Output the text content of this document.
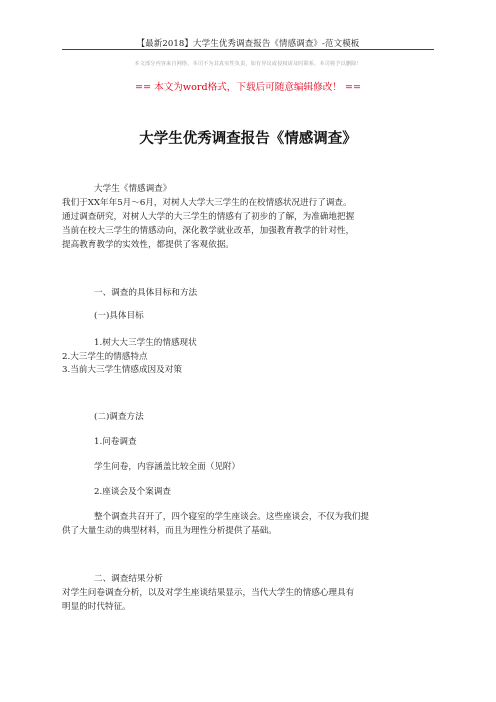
【最新2018】大学生优秀调查报告《情感调查》-范文模板
本文部分内容来自网络，本司不为其真实性负责，如有异议或侵权请及时联系，本司将予以删除！
== 本文为word格式，下载后可随意编辑修改！ ==
大学生优秀调查报告《情感调查》
大学生《情感调查》
我们于XX年年5月～6月，对树人大学大三学生的在校情感状况进行了调查。
通过调查研究，对树人大学的大三学生的情感有了初步的了解，为准确地把握
当前在校大三学生的情感动向，深化教学就业改革，加强教育教学的针对性，
提高教育教学的实效性，都提供了客观依据。
一、调查的具体目标和方法
(一)具体目标
1.树大大三学生的情感现状
2.大三学生的情感特点
3.当前大三学生情感成因及对策
(二)调查方法
1.问卷调查
学生问卷，内容涵盖比较全面（见附）
2.座谈会及个案调查
整个调查共召开了，四个寝室的学生座谈会。这些座谈会，不仅为我们提
供了大量生动的典型材料，而且为理性分析提供了基础。
二、调查结果分析
对学生问卷调查分析，以及对学生座谈结果显示，当代大学生的情感心理具有
明显的时代特征。
